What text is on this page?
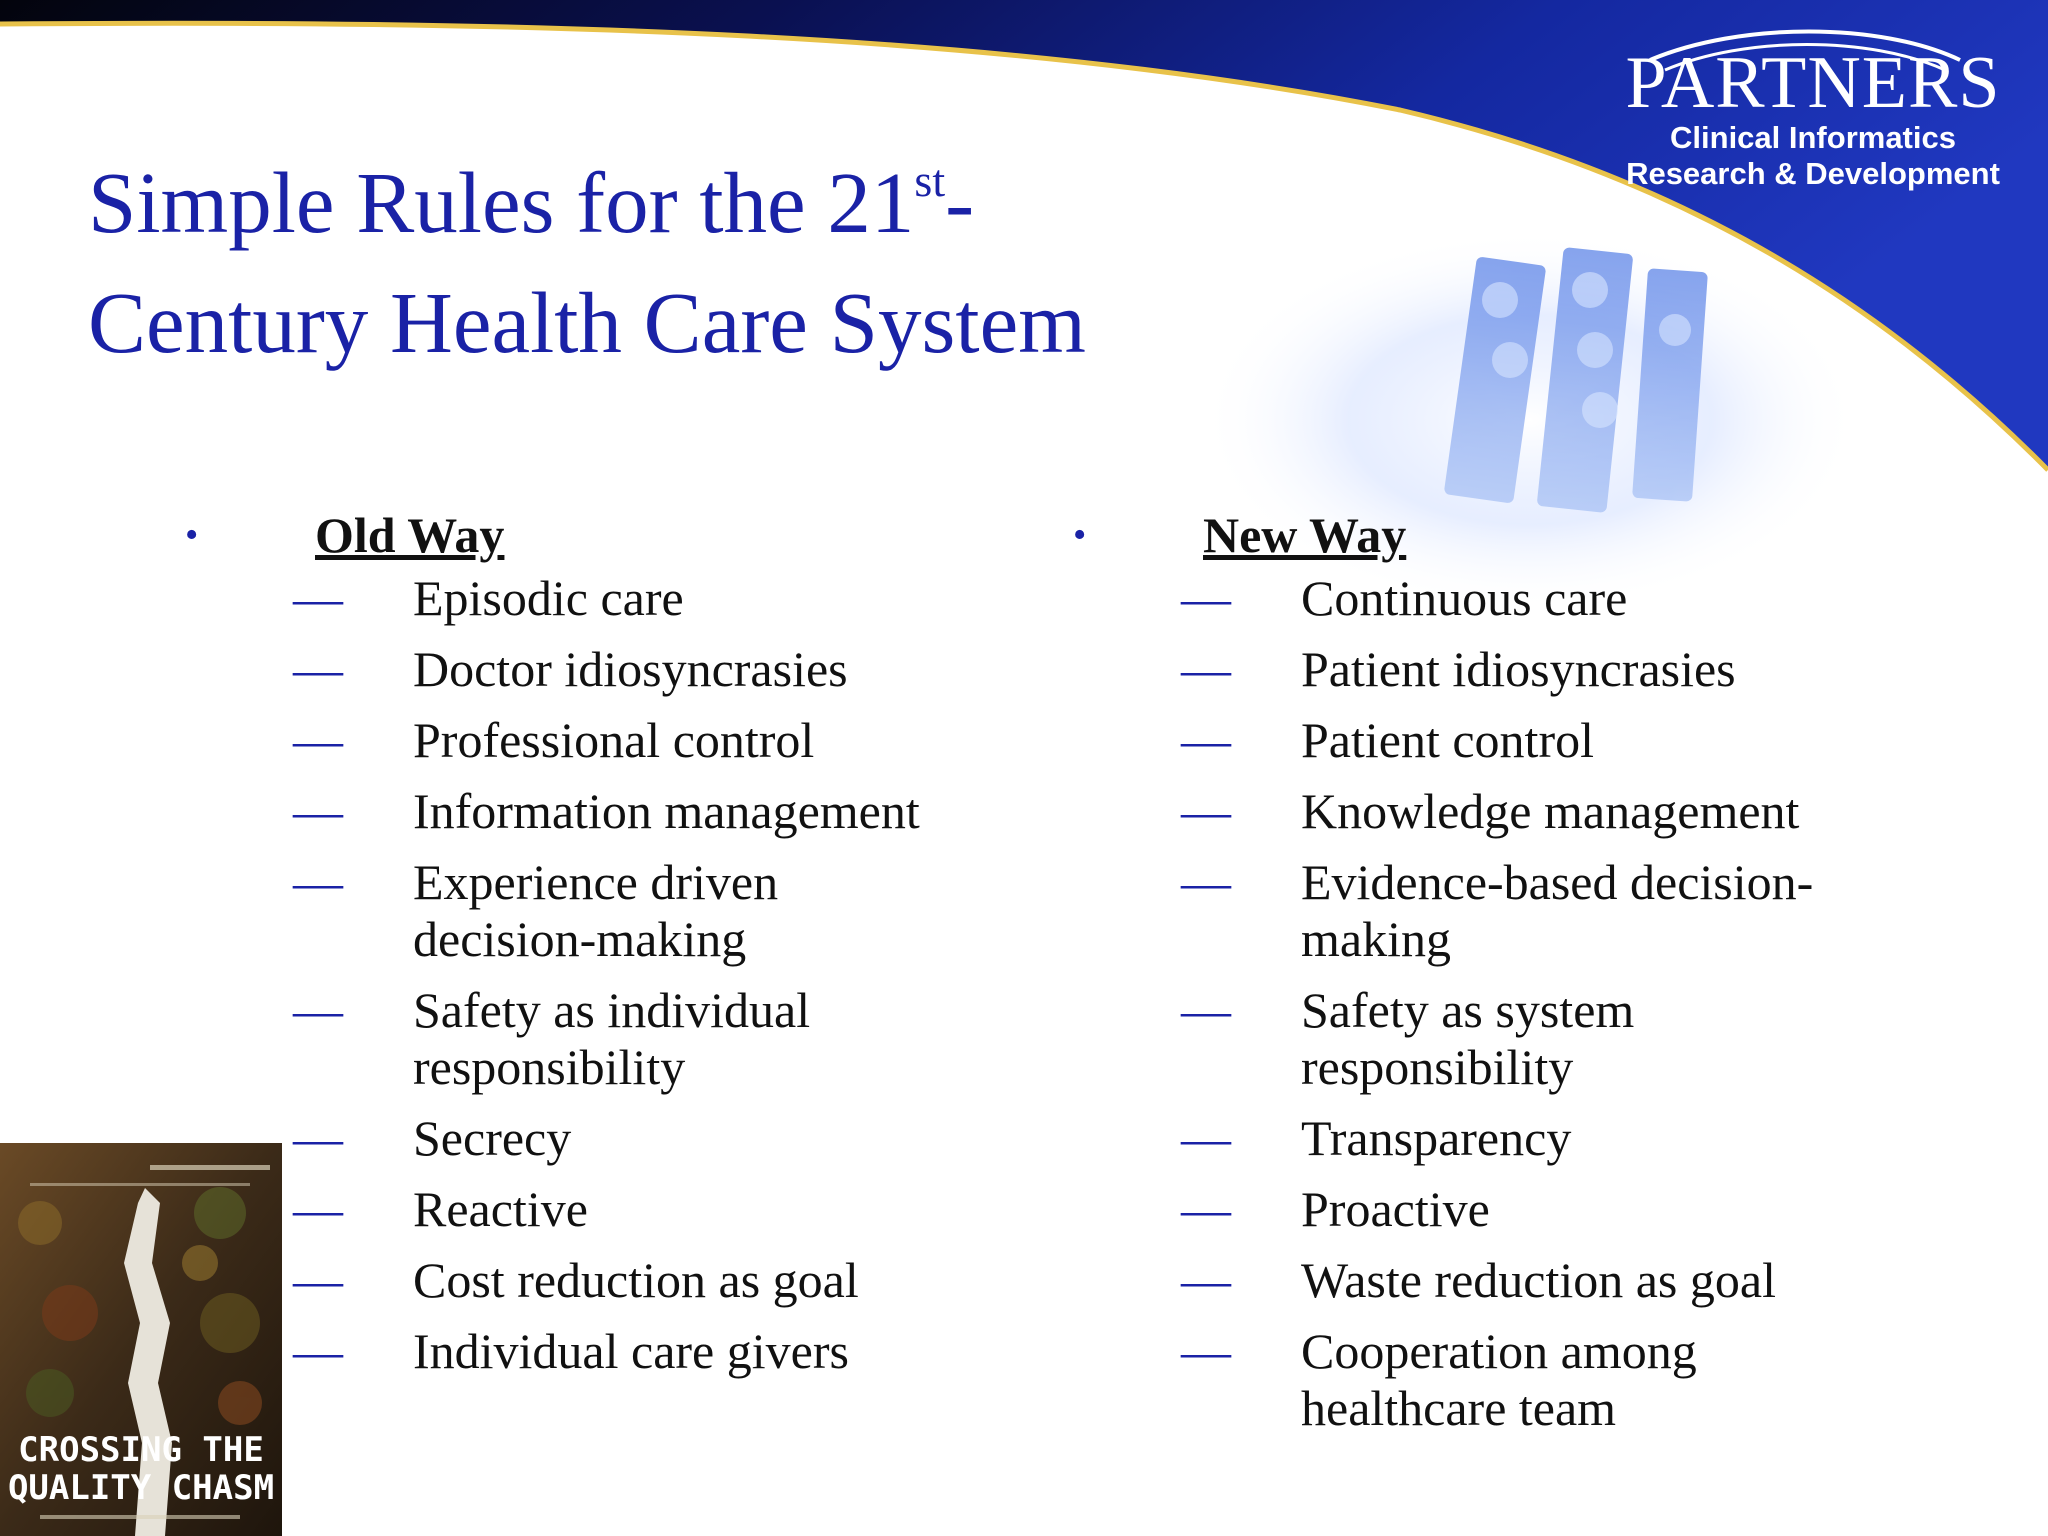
PARTNERS
Clinical Informatics
Research & Development
Simple Rules for the 21st-
Century Health Care System
• Old Way
— Episodic care
— Doctor idiosyncrasies
— Professional control
— Information management
— Experience driven decision-making
— Safety as individual responsibility
— Secrecy
— Reactive
— Cost reduction as goal
— Individual care givers
• New Way
— Continuous care
— Patient idiosyncrasies
— Patient control
— Knowledge management
— Evidence-based decision-making
— Safety as system responsibility
— Transparency
— Proactive
— Waste reduction as goal
— Cooperation among healthcare team
CROSSING THE
QUALITY CHASM
